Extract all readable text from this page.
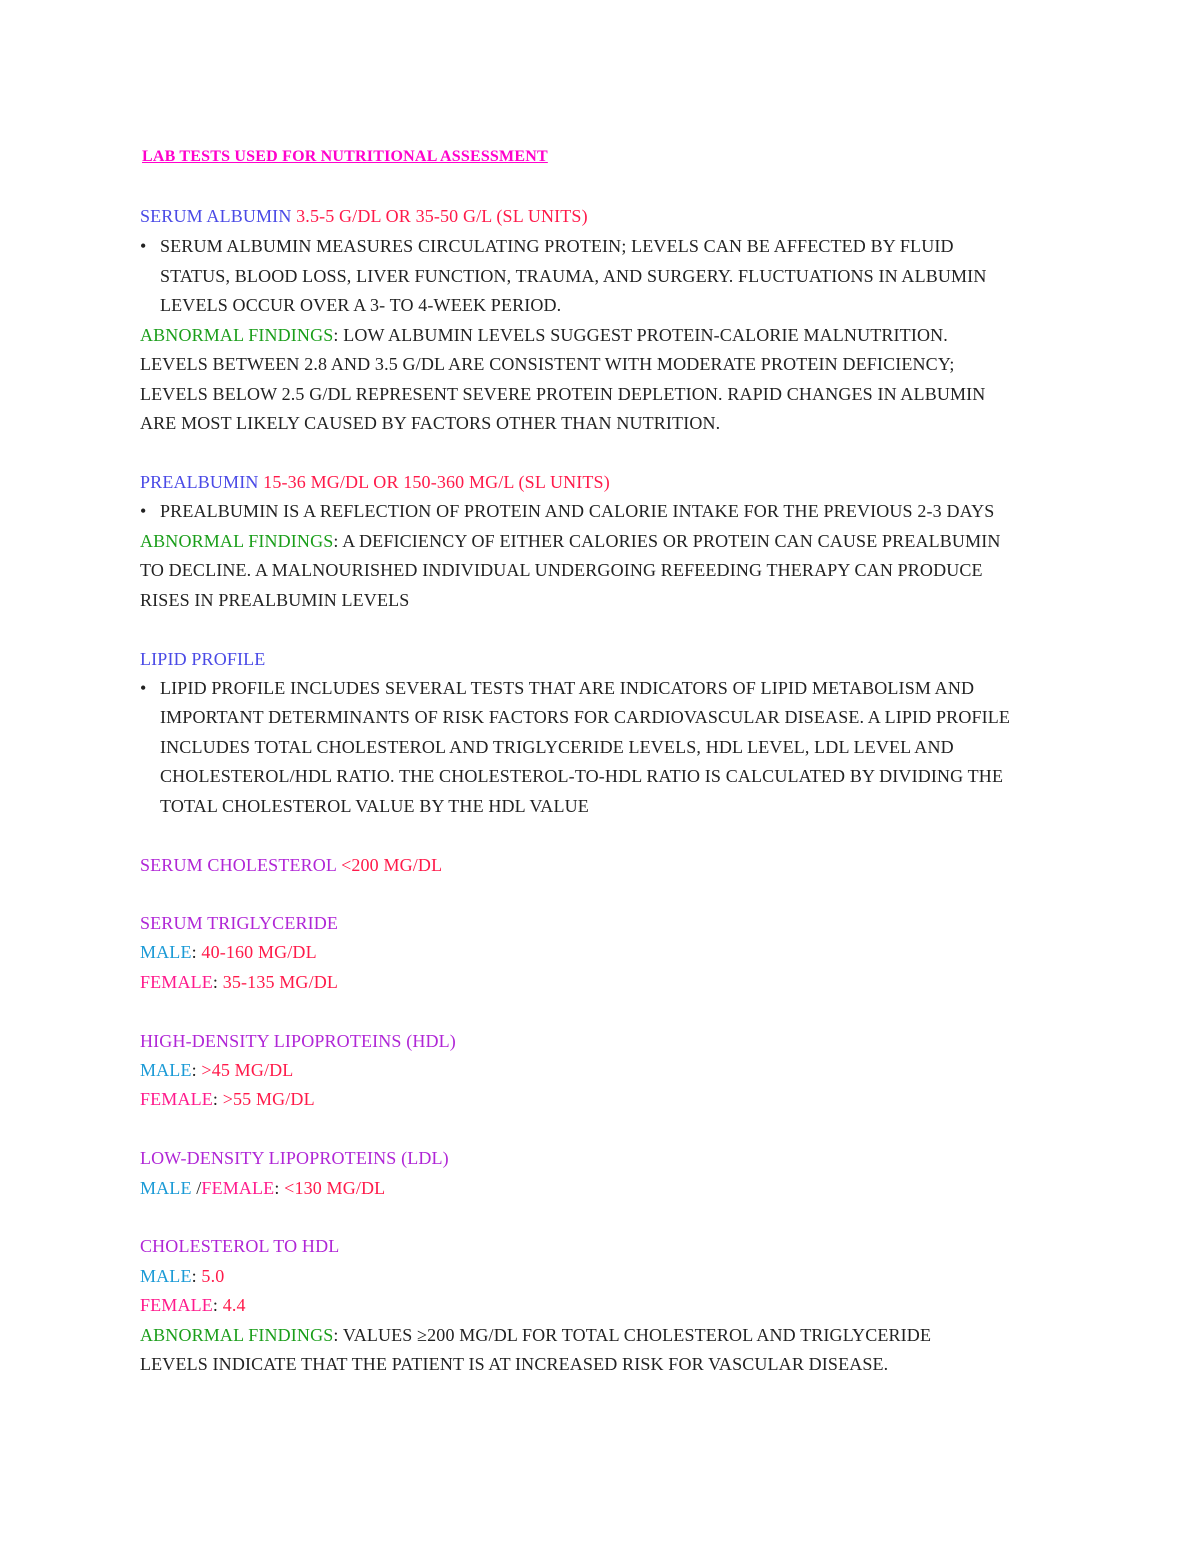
LAB TESTS USED FOR NUTRITIONAL ASSESSMENT
SERUM ALBUMIN 3.5-5 G/DL OR 35-50 G/L (SL UNITS)
• SERUM ALBUMIN MEASURES CIRCULATING PROTEIN; LEVELS CAN BE AFFECTED BY FLUID
STATUS, BLOOD LOSS, LIVER FUNCTION, TRAUMA, AND SURGERY. FLUCTUATIONS IN ALBUMIN
LEVELS OCCUR OVER A 3- TO 4-WEEK PERIOD.
ABNORMAL FINDINGS: LOW ALBUMIN LEVELS SUGGEST PROTEIN-CALORIE MALNUTRITION.
LEVELS BETWEEN 2.8 AND 3.5 G/DL ARE CONSISTENT WITH MODERATE PROTEIN DEFICIENCY;
LEVELS BELOW 2.5 G/DL REPRESENT SEVERE PROTEIN DEPLETION. RAPID CHANGES IN ALBUMIN
ARE MOST LIKELY CAUSED BY FACTORS OTHER THAN NUTRITION.
PREALBUMIN 15-36 MG/DL OR 150-360 MG/L (SL UNITS)
• PREALBUMIN IS A REFLECTION OF PROTEIN AND CALORIE INTAKE FOR THE PREVIOUS 2-3 DAYS
ABNORMAL FINDINGS: A DEFICIENCY OF EITHER CALORIES OR PROTEIN CAN CAUSE PREALBUMIN
TO DECLINE. A MALNOURISHED INDIVIDUAL UNDERGOING REFEEDING THERAPY CAN PRODUCE
RISES IN PREALBUMIN LEVELS
LIPID PROFILE
• LIPID PROFILE INCLUDES SEVERAL TESTS THAT ARE INDICATORS OF LIPID METABOLISM AND
IMPORTANT DETERMINANTS OF RISK FACTORS FOR CARDIOVASCULAR DISEASE. A LIPID PROFILE
INCLUDES TOTAL CHOLESTEROL AND TRIGLYCERIDE LEVELS, HDL LEVEL, LDL LEVEL AND
CHOLESTEROL/HDL RATIO. THE CHOLESTEROL-TO-HDL RATIO IS CALCULATED BY DIVIDING THE
TOTAL CHOLESTEROL VALUE BY THE HDL VALUE
SERUM CHOLESTEROL <200 MG/DL
SERUM TRIGLYCERIDE
MALE: 40-160 MG/DL
FEMALE: 35-135 MG/DL
HIGH-DENSITY LIPOPROTEINS (HDL)
MALE: >45 MG/DL
FEMALE: >55 MG/DL
LOW-DENSITY LIPOPROTEINS (LDL)
MALE /FEMALE: <130 MG/DL
CHOLESTEROL TO HDL
MALE: 5.0
FEMALE: 4.4
ABNORMAL FINDINGS: VALUES ≥200 MG/DL FOR TOTAL CHOLESTEROL AND TRIGLYCERIDE
LEVELS INDICATE THAT THE PATIENT IS AT INCREASED RISK FOR VASCULAR DISEASE.
